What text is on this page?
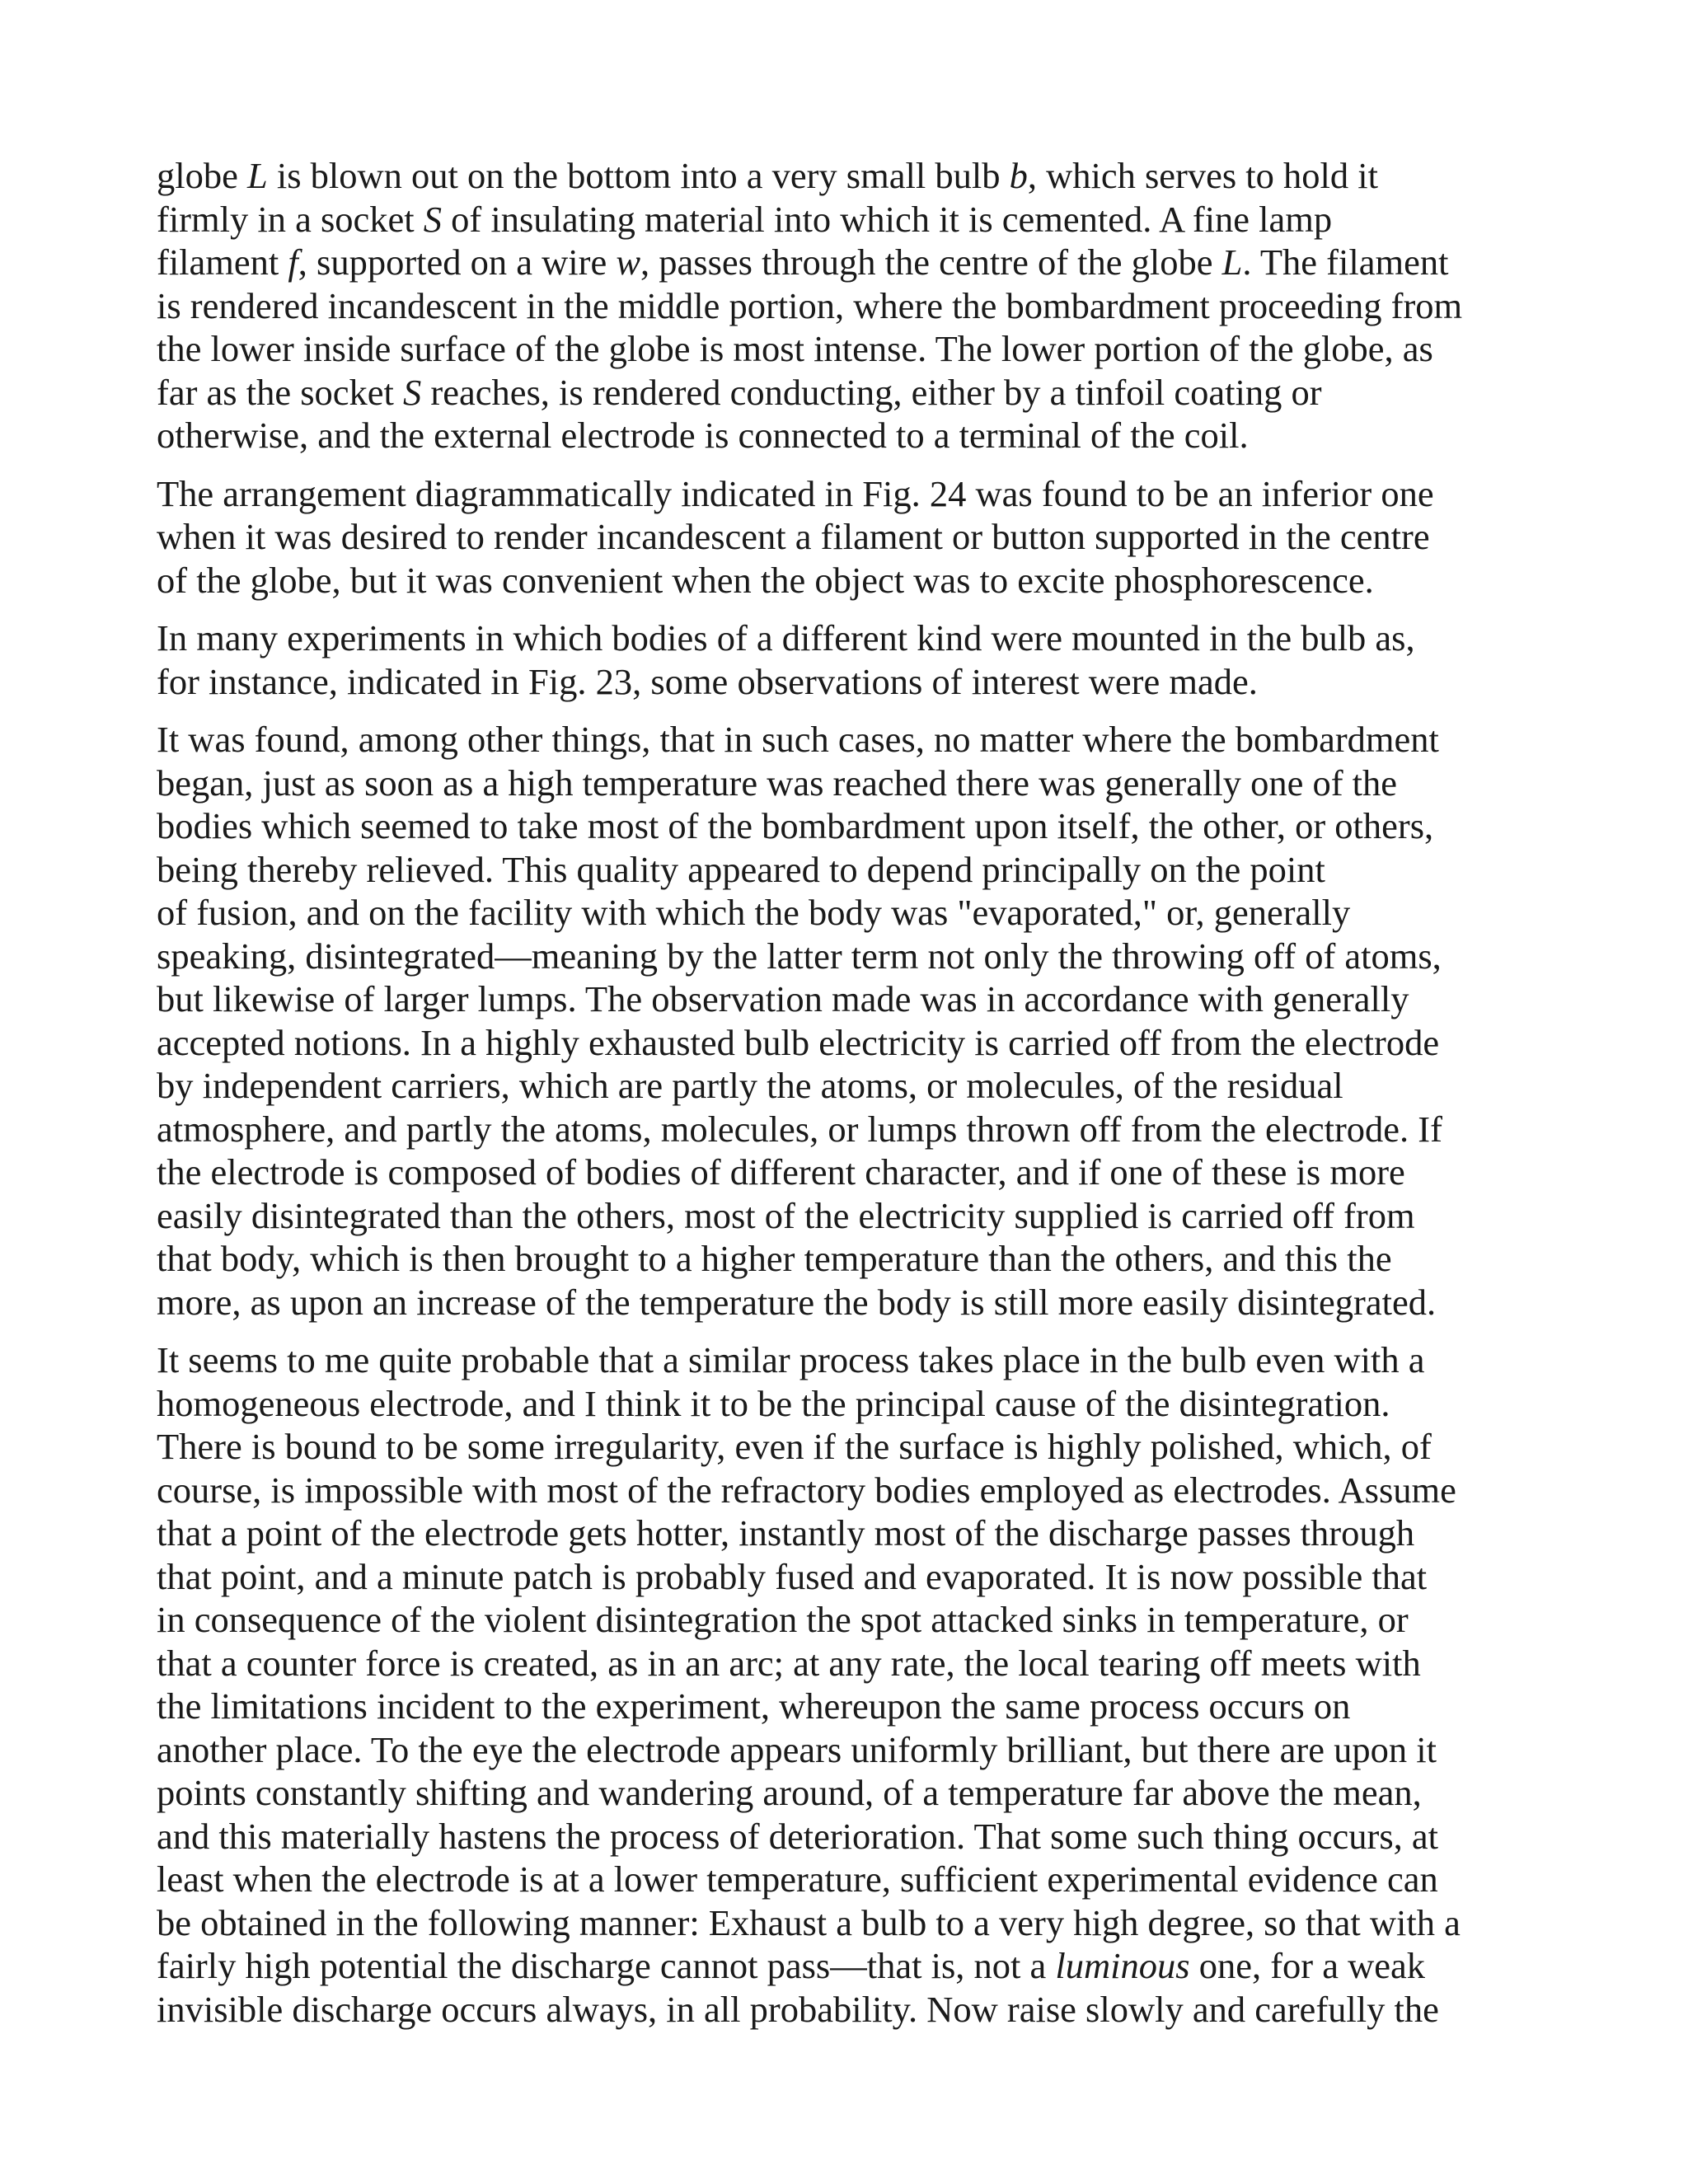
globe L is blown out on the bottom into a very small bulb b, which serves to hold it
firmly in a socket S of insulating material into which it is cemented. A fine lamp
filament f, supported on a wire w, passes through the centre of the globe L. The filament
is rendered incandescent in the middle portion, where the bombardment proceeding from
the lower inside surface of the globe is most intense. The lower portion of the globe, as
far as the socket S reaches, is rendered conducting, either by a tinfoil coating or
otherwise, and the external electrode is connected to a terminal of the coil.
The arrangement diagrammatically indicated in Fig. 24 was found to be an inferior one
when it was desired to render incandescent a filament or button supported in the centre
of the globe, but it was convenient when the object was to excite phosphorescence.
In many experiments in which bodies of a different kind were mounted in the bulb as,
for instance, indicated in Fig. 23, some observations of interest were made.
It was found, among other things, that in such cases, no matter where the bombardment
began, just as soon as a high temperature was reached there was generally one of the
bodies which seemed to take most of the bombardment upon itself, the other, or others,
being thereby relieved. This quality appeared to depend principally on the point
of fusion, and on the facility with which the body was "evaporated," or, generally
speaking, disintegrated—meaning by the latter term not only the throwing off of atoms,
but likewise of larger lumps. The observation made was in accordance with generally
accepted notions. In a highly exhausted bulb electricity is carried off from the electrode
by independent carriers, which are partly the atoms, or molecules, of the residual
atmosphere, and partly the atoms, molecules, or lumps thrown off from the electrode. If
the electrode is composed of bodies of different character, and if one of these is more
easily disintegrated than the others, most of the electricity supplied is carried off from
that body, which is then brought to a higher temperature than the others, and this the
more, as upon an increase of the temperature the body is still more easily disintegrated.
It seems to me quite probable that a similar process takes place in the bulb even with a
homogeneous electrode, and I think it to be the principal cause of the disintegration.
There is bound to be some irregularity, even if the surface is highly polished, which, of
course, is impossible with most of the refractory bodies employed as electrodes. Assume
that a point of the electrode gets hotter, instantly most of the discharge passes through
that point, and a minute patch is probably fused and evaporated. It is now possible that
in consequence of the violent disintegration the spot attacked sinks in temperature, or
that a counter force is created, as in an arc; at any rate, the local tearing off meets with
the limitations incident to the experiment, whereupon the same process occurs on
another place. To the eye the electrode appears uniformly brilliant, but there are upon it
points constantly shifting and wandering around, of a temperature far above the mean,
and this materially hastens the process of deterioration. That some such thing occurs, at
least when the electrode is at a lower temperature, sufficient experimental evidence can
be obtained in the following manner: Exhaust a bulb to a very high degree, so that with a
fairly high potential the discharge cannot pass—that is, not a luminous one, for a weak
invisible discharge occurs always, in all probability. Now raise slowly and carefully the
